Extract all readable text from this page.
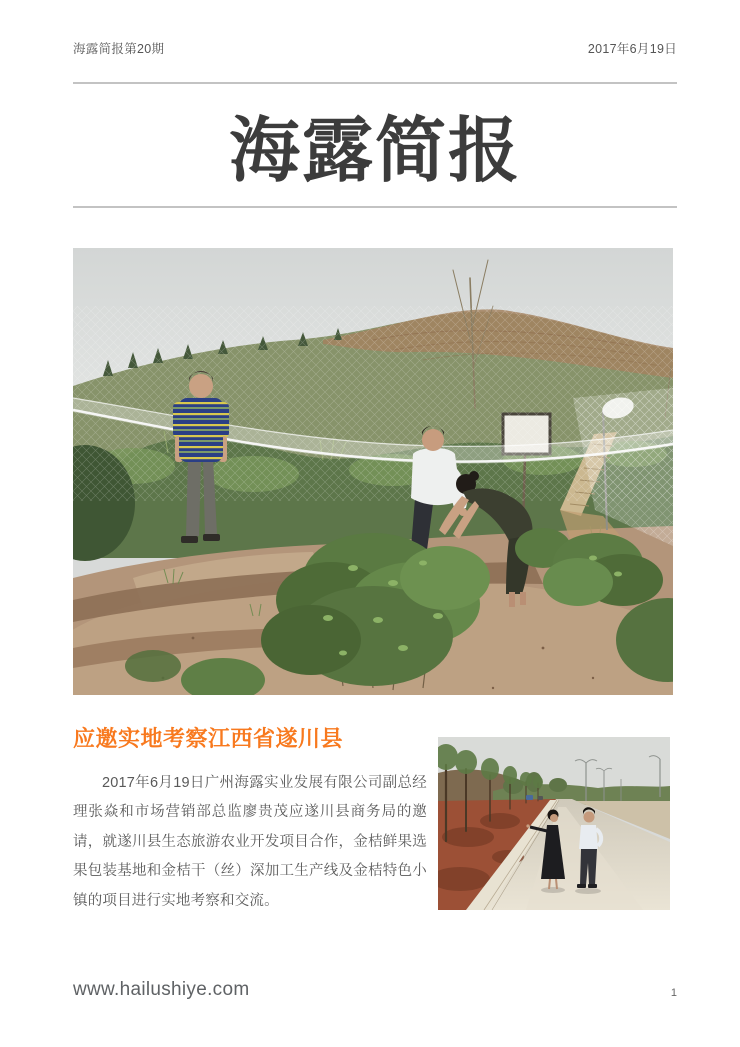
海露简报第20期	2017年6月19日
海露简报
应邀实地考察江西省遂川县

2017年6月19日广州海露实业发展有限公司副总经理张焱和市场营销部总监廖贵茂应遂川县商务局的邀请，就遂川县生态旅游农业开发项目合作，金桔鲜果选果包装基地和金桔干（丝）深加工生产线及金桔特色小镇的项目进行实地考察和交流。

www.hailushiye.com	1
